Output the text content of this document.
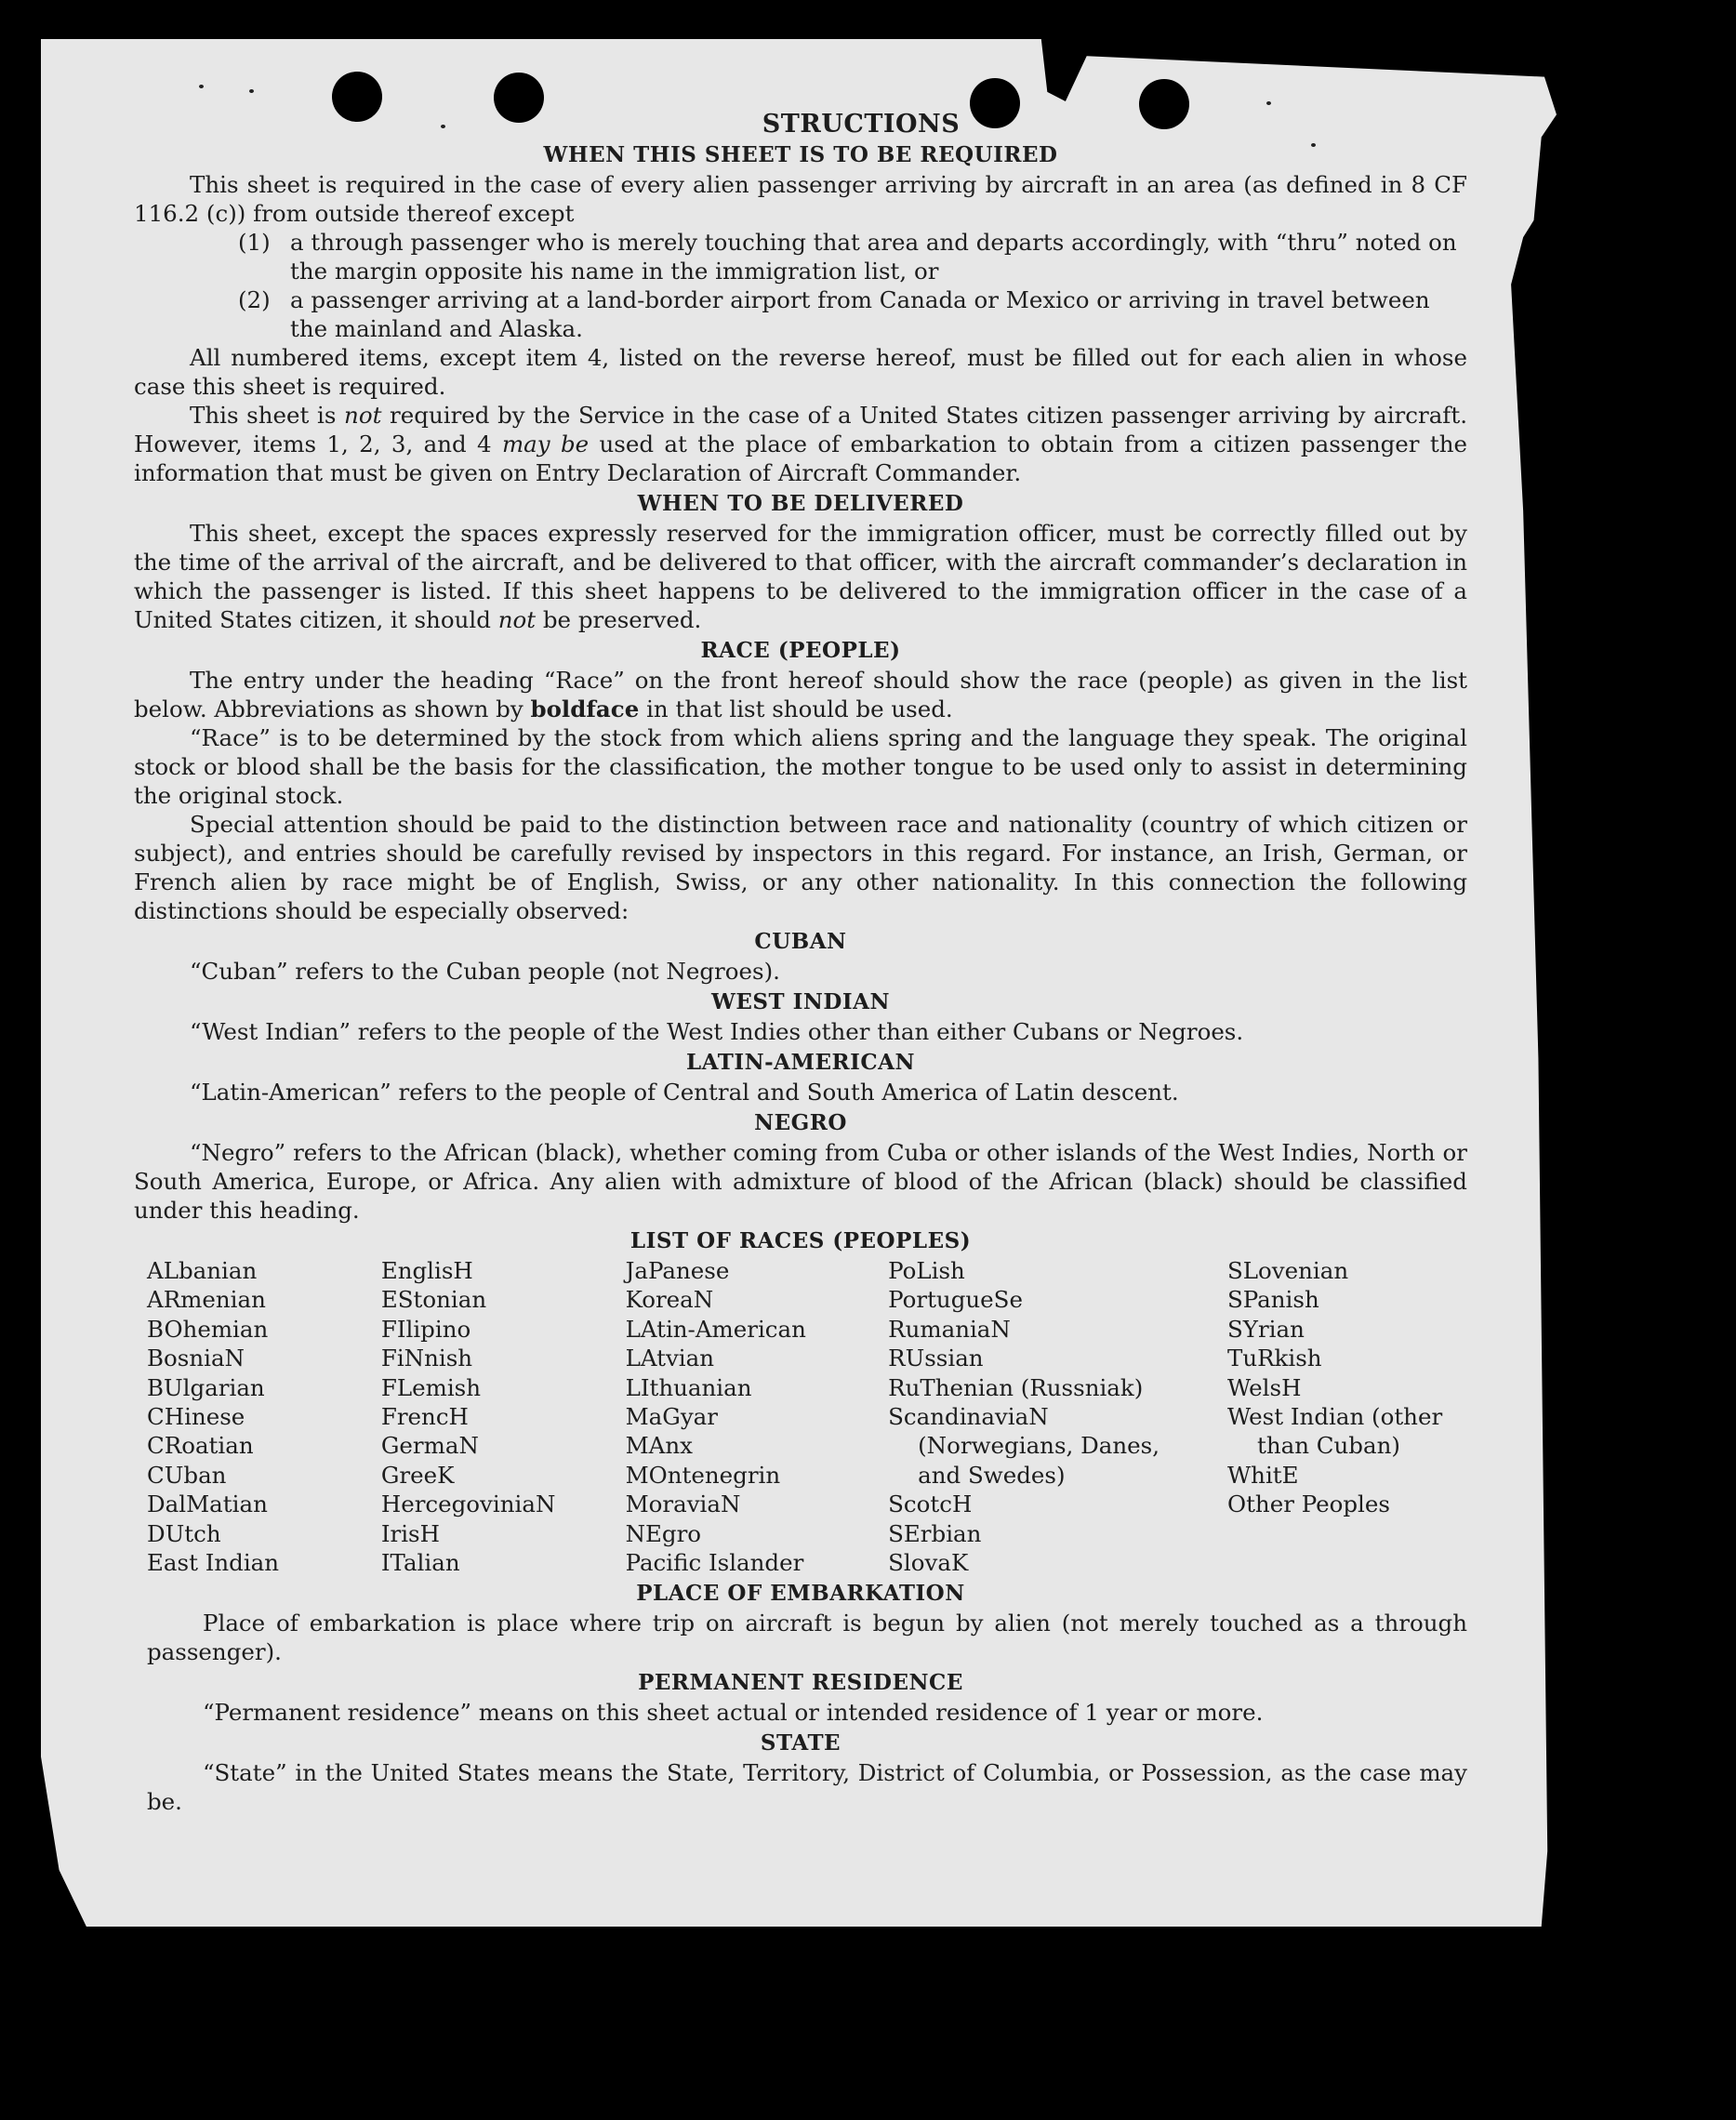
STRUCTIONS
WHEN THIS SHEET IS TO BE REQUIRED

This sheet is required in the case of every alien passenger arriving by aircraft in an area (as defined in 8 CF 116.2 (c)) from outside thereof except

(1) a through passenger who is merely touching that area and departs accordingly, with “thru” noted on the margin opposite his name in the immigration list, or
(2) a passenger arriving at a land-border airport from Canada or Mexico or arriving in travel between the mainland and Alaska.

All numbered items, except item 4, listed on the reverse hereof, must be filled out for each alien in whose case this sheet is required.

This sheet is not required by the Service in the case of a United States citizen passenger arriving by aircraft. However, items 1, 2, 3, and 4 may be used at the place of embarkation to obtain from a citizen passenger the information that must be given on Entry Declaration of Aircraft Commander.

WHEN TO BE DELIVERED

This sheet, except the spaces expressly reserved for the immigration officer, must be correctly filled out by the time of the arrival of the aircraft, and be delivered to that officer, with the aircraft commander’s declaration in which the passenger is listed. If this sheet happens to be delivered to the immigration officer in the case of a United States citizen, it should not be preserved.

RACE (PEOPLE)

The entry under the heading “Race” on the front hereof should show the race (people) as given in the list below. Abbreviations as shown by boldface in that list should be used.

“Race” is to be determined by the stock from which aliens spring and the language they speak. The original stock or blood shall be the basis for the classification, the mother tongue to be used only to assist in determining the original stock.

Special attention should be paid to the distinction between race and nationality (country of which citizen or subject), and entries should be carefully revised by inspectors in this regard. For instance, an Irish, German, or French alien by race might be of English, Swiss, or any other nationality. In this connection the following distinctions should be especially observed:

CUBAN

“Cuban” refers to the Cuban people (not Negroes).

WEST INDIAN

“West Indian” refers to the people of the West Indies other than either Cubans or Negroes.

LATIN-AMERICAN

“Latin-American” refers to the people of Central and South America of Latin descent.

NEGRO

“Negro” refers to the African (black), whether coming from Cuba or other islands of the West Indies, North or South America, Europe, or Africa. Any alien with admixture of blood of the African (black) should be classified under this heading.

LIST OF RACES (PEOPLES)
ALbanian
ARmenian
BOhemian
BosniaN
BUlgarian
CHinese
CRoatian
CUban
DalMatian
DUtch
East Indian
EnglisH
EStonian
FIlipino
FiNnish
FLemish
FrencH
GermaN
GreeK
HercegoviniaN
IrisH
ITalian
JaPanese
KoreaN
LAtin-American
LAtvian
LIthuanian
MaGyar
MAnx
MOntenegrin
MoraviaN
NEgro
Pacific Islander
PoLish
PortugueSe
RumaniaN
RUssian
RuThenian (Russniak)
ScandinaviaN (Norwegians, Danes, and Swedes)
ScotcH
SErbian
SlovaK
SLovenian
SPanish
SYrian
TuRkish
WelsH
West Indian (other than Cuban)
WhitE
Other Peoples
PLACE OF EMBARKATION

Place of embarkation is place where trip on aircraft is begun by alien (not merely touched as a through passenger).

PERMANENT RESIDENCE

“Permanent residence” means on this sheet actual or intended residence of 1 year or more.

STATE

“State” in the United States means the State, Territory, District of Columbia, or Possession, as the case may be.
